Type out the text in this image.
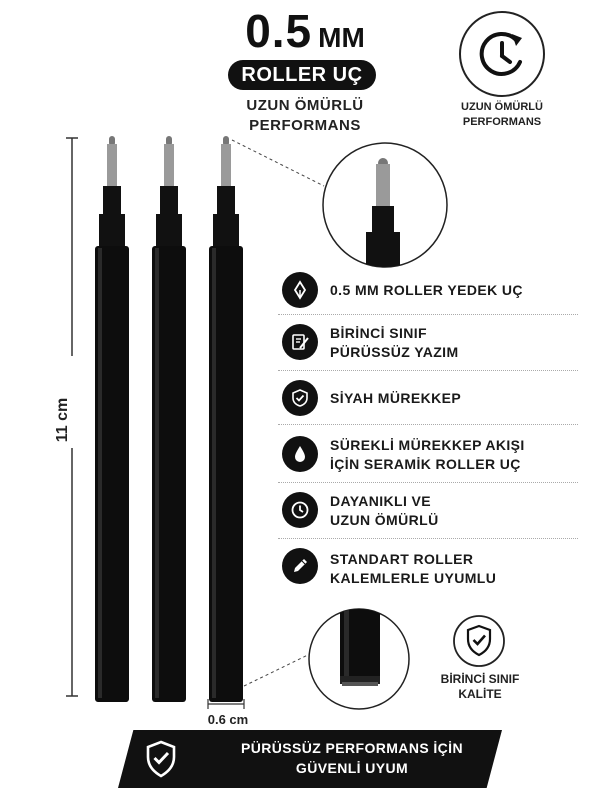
0.5 MM
ROLLER UÇ
UZUN ÖMÜRLÜ
PERFORMANS
UZUN ÖMÜRLÜ
PERFORMANS
11 cm
0.6 cm
0.5 MM ROLLER YEDEK UÇ
BİRİNCİ SINIF
PÜRÜSSÜZ YAZIM
SİYAH MÜREKKEP
SÜREKLİ MÜREKKEP AKIŞI
İÇİN SERAMİK ROLLER UÇ
DAYANIKLI VE
UZUN ÖMÜRLÜ
STANDART ROLLER
KALEMLERLE UYUMLU
BİRİNCİ SINIF
KALİTE
PÜRÜSSÜZ PERFORMANS İÇİN
GÜVENLİ UYUM
